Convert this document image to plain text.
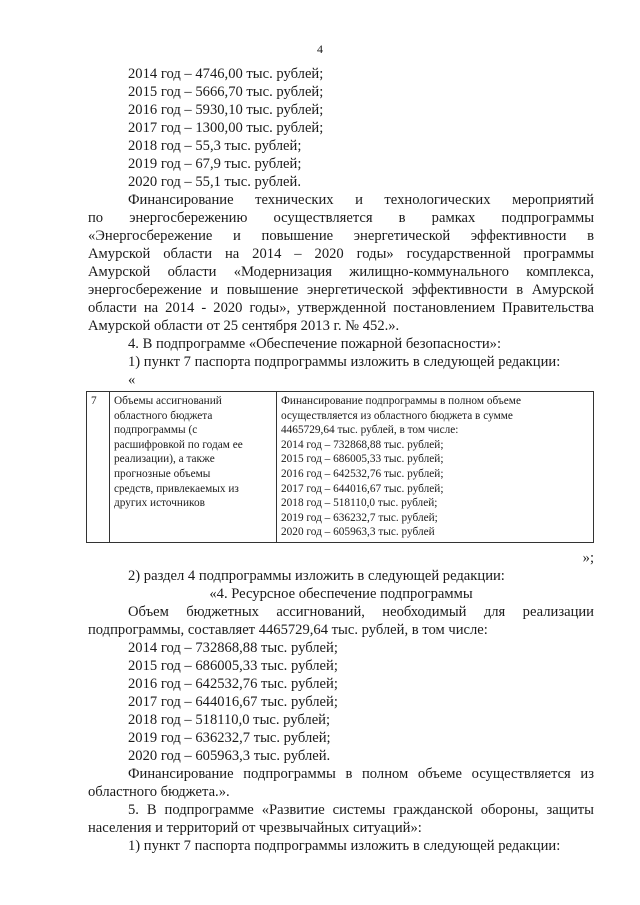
4
2014 год – 4746,00 тыс. рублей;
2015 год – 5666,70 тыс. рублей;
2016 год – 5930,10 тыс. рублей;
2017 год – 1300,00 тыс. рублей;
2018 год – 55,3 тыс. рублей;
2019 год – 67,9 тыс. рублей;
2020 год – 55,1 тыс. рублей.
Финансирование технических и технологических мероприятий
по энергосбережению осуществляется в рамках подпрограммы
«Энергосбережение и повышение энергетической эффективности в
Амурской области на 2014 – 2020 годы» государственной программы
Амурской области «Модернизация жилищно-коммунального комплекса,
энергосбережение и повышение энергетической эффективности в Амурской
области на 2014 - 2020 годы», утвержденной постановлением Правительства
Амурской области от 25 сентября 2013 г. № 452.».
4. В подпрограмме «Обеспечение пожарной безопасности»:
1) пункт 7 паспорта подпрограммы изложить в следующей редакции:
«
7	Объемы ассигнований
областного бюджета
подпрограммы (с
расшифровкой по годам ее
реализации), а также
прогнозные объемы
средств, привлекаемых из
других источников

Финансирование подпрограммы в полном объеме
осуществляется из областного бюджета в сумме
4465729,64 тыс. рублей, в том числе:
2014 год – 732868,88 тыс. рублей;
2015 год – 686005,33 тыс. рублей;
2016 год – 642532,76 тыс. рублей;
2017 год – 644016,67 тыс. рублей;
2018 год – 518110,0 тыс. рублей;
2019 год – 636232,7 тыс. рублей;
2020 год – 605963,3 тыс. рублей
»;
2) раздел 4 подпрограммы изложить в следующей редакции:
«4. Ресурсное обеспечение подпрограммы
Объем бюджетных ассигнований, необходимый для реализации
подпрограммы, составляет 4465729,64 тыс. рублей, в том числе:
2014 год – 732868,88 тыс. рублей;
2015 год – 686005,33 тыс. рублей;
2016 год – 642532,76 тыс. рублей;
2017 год – 644016,67 тыс. рублей;
2018 год – 518110,0 тыс. рублей;
2019 год – 636232,7 тыс. рублей;
2020 год – 605963,3 тыс. рублей.
Финансирование подпрограммы в полном объеме осуществляется из
областного бюджета.».
5. В подпрограмме «Развитие системы гражданской обороны, защиты
населения и территорий от чрезвычайных ситуаций»:
1) пункт 7 паспорта подпрограммы изложить в следующей редакции:
